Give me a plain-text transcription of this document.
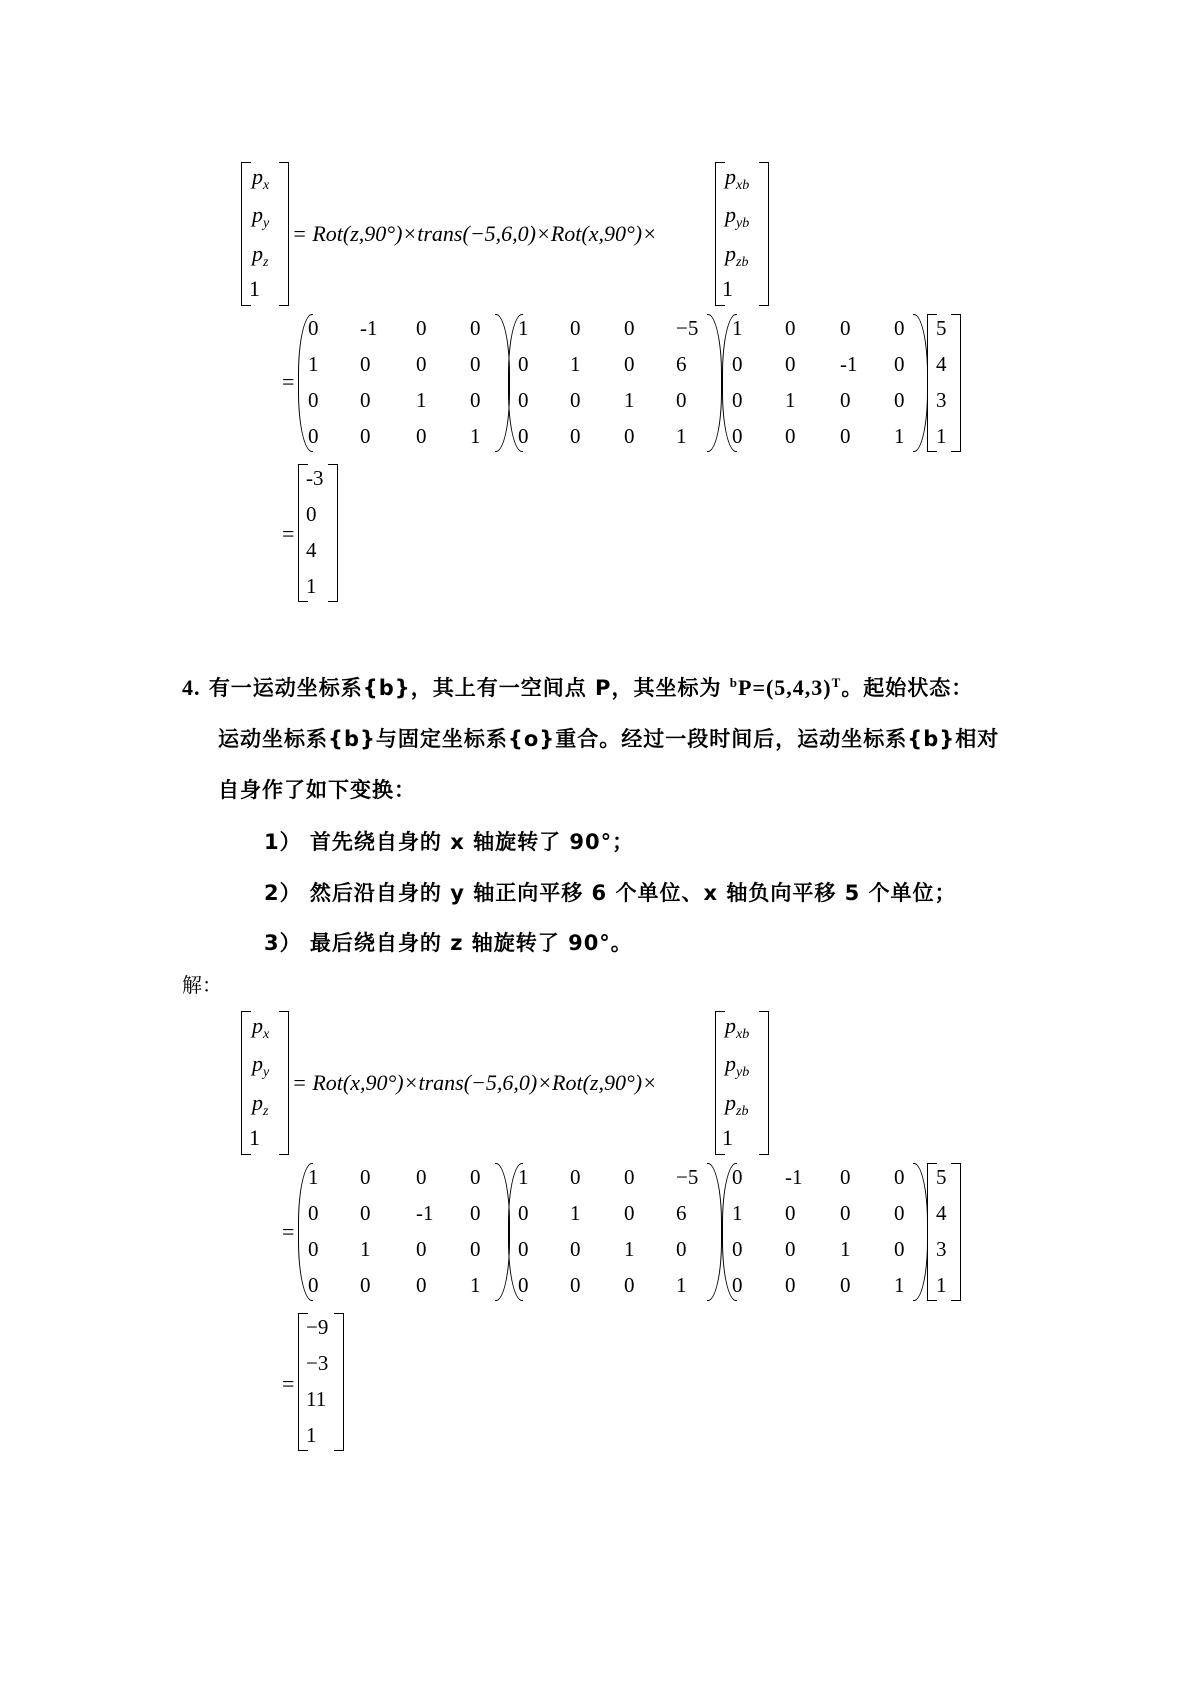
$p_x$
$p_y$
$p_z$
1
= Rot(z,90°)×trans(−5,6,0)×Rot(x,90°)×
$p_{xb}$
$p_{yb}$
$p_{zb}$
1
=
0 -1 0 0
1 0 0 0
0 0 1 0
0 0 0 1
1 0 0 −5
0 1 0 6
0 0 1 0
0 0 0 1
1 0 0 0
0 0 -1 0
0 1 0 0
0 0 0 1
5
4
3
1
=
-3
0
4
1
4. 有一运动坐标系{b}，其上有一空间点 P，其坐标为 $^bP=(5,4,3)^T$。起始状态：
运动坐标系{b}与固定坐标系{o}重合。经过一段时间后，运动坐标系{b}相对
自身作了如下变换：
1） 首先绕自身的 x 轴旋转了 90°；
2） 然后沿自身的 y 轴正向平移 6 个单位、x 轴负向平移 5 个单位；
3） 最后绕自身的 z 轴旋转了 90°。
解：
$p_x$
$p_y$
$p_z$
1
= Rot(x,90°)×trans(−5,6,0)×Rot(z,90°)×
$p_{xb}$
$p_{yb}$
$p_{zb}$
1
=
1 0 0 0
0 0 -1 0
0 1 0 0
0 0 0 1
1 0 0 −5
0 1 0 6
0 0 1 0
0 0 0 1
0 -1 0 0
1 0 0 0
0 0 1 0
0 0 0 1
5
4
3
1
=
−9
−3
11
1
